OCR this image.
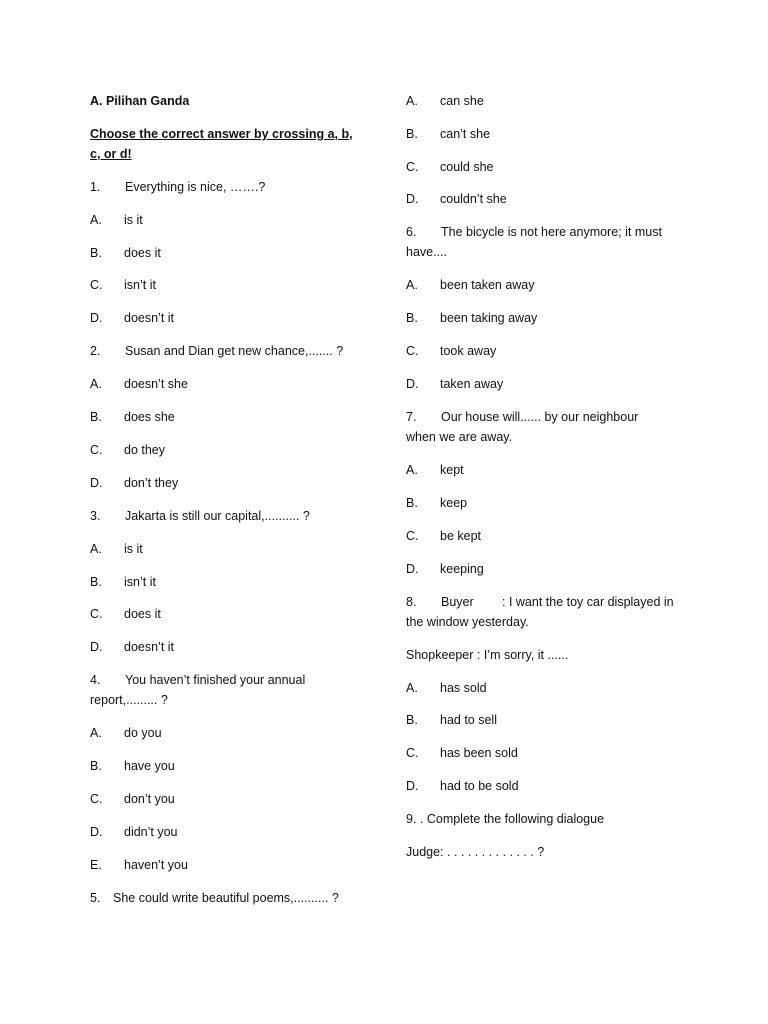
A. Pilihan Ganda
Choose the correct answer by crossing a, b, c, or d!
1. Everything is nice, …….?
A. is it
B. does it
C. isn’t it
D. doesn’t it
2. Susan and Dian get new chance,....... ?
A. doesn’t she
B. does she
C. do they
D. don’t they
3. Jakarta is still our capital,.......... ?
A. is it
B. isn’t it
C. does it
D. doesn’t it
4. You haven’t finished your annual
report,......... ?
A. do you
B. have you
C. don’t you
D. didn’t you
E. haven’t you
5. She could write beautiful poems,.......... ?
A. can she
B. can’t she
C. could she
D. couldn’t she
6. The bicycle is not here anymore; it must
have....
A. been taken away
B. been taking away
C. took away
D. taken away
7. Our house will...... by our neighbour
when we are away.
A. kept
B. keep
C. be kept
D. keeping
8. Buyer : I want the toy car displayed in
the window yesterday.
Shopkeeper : I’m sorry, it ......
A. has sold
B. had to sell
C. has been sold
D. had to be sold
9. . Complete the following dialogue
Judge: . . . . . . . . . . . . . ?
